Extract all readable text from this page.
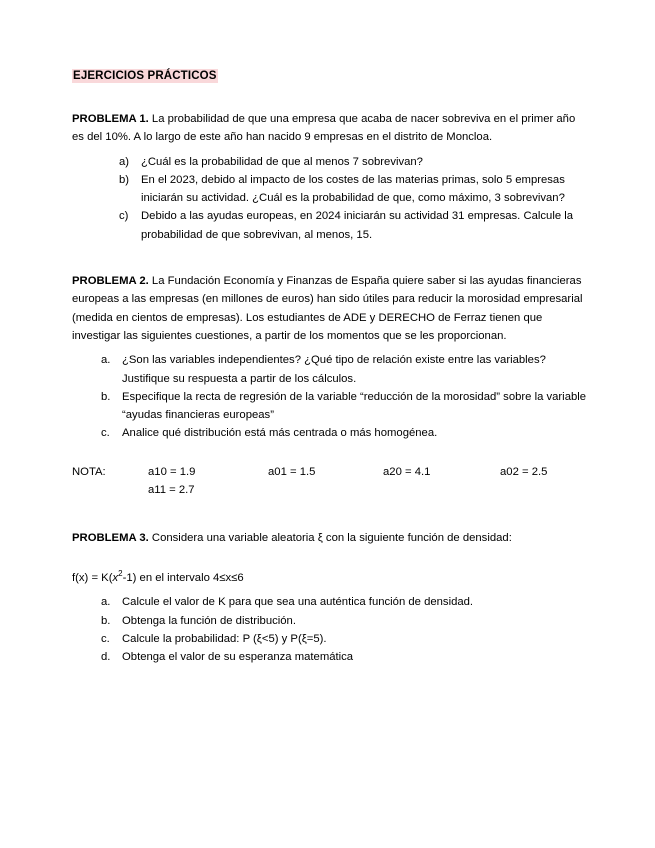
EJERCICIOS PRÁCTICOS

PROBLEMA 1. La probabilidad de que una empresa que acaba de nacer sobreviva en el primer año es del 10%. A lo largo de este año han nacido 9 empresas en el distrito de Moncloa.

a)	¿Cuál es la probabilidad de que al menos 7 sobrevivan?
b)	En el 2023, debido al impacto de los costes de las materias primas, solo 5 empresas iniciarán su actividad. ¿Cuál es la probabilidad de que, como máximo, 3 sobrevivan?
c)	Debido a las ayudas europeas, en 2024 iniciarán su actividad 31 empresas. Calcule la probabilidad de que sobrevivan, al menos, 15.

PROBLEMA 2. La Fundación Economía y Finanzas de España quiere saber si las ayudas financieras europeas a las empresas (en millones de euros) han sido útiles para reducir la morosidad empresarial (medida en cientos de empresas). Los estudiantes de ADE y DERECHO de Ferraz tienen que investigar las siguientes cuestiones, a partir de los momentos que se les proporcionan.

a.	¿Son las variables independientes? ¿Qué tipo de relación existe entre las variables? Justifique su respuesta a partir de los cálculos.
b.	Especifique la recta de regresión de la variable “reducción de la morosidad” sobre la variable “ayudas financieras europeas”
c.	Analice qué distribución está más centrada o más homogénea.
NOTA:	a10 = 1.9	a01 = 1.5	a20 = 4.1	a02 = 2.5
a11 = 2.7

PROBLEMA 3. Considera una variable aleatoria ξ con la siguiente función de densidad:

$f(x) = K(x^2-1)$ en el intervalo 4≤x≤6
a.	Calcule el valor de K para que sea una auténtica función de densidad.
b.	Obtenga la función de distribución.
c.	Calcule la probabilidad: P (ξ<5) y P(ξ=5).
d.	Obtenga el valor de su esperanza matemática
